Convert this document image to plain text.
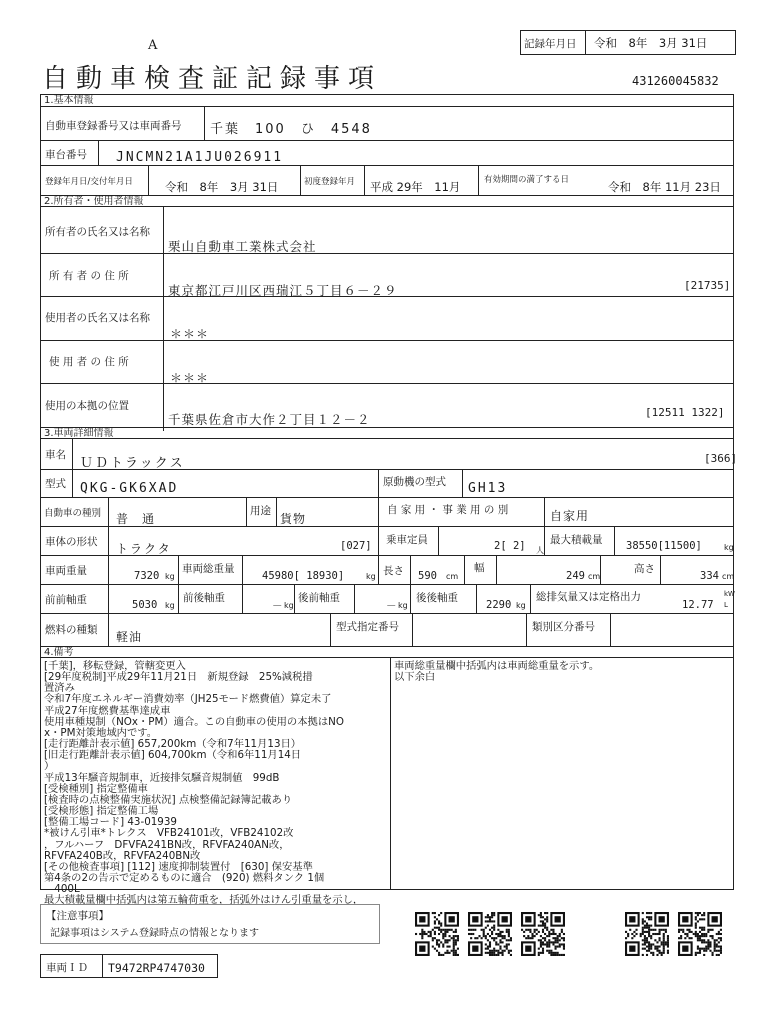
A
自動車検査証記録事項
記録年月日 令和　8年　3月 31日
431260045832
1.基本情報
自動車登録番号又は車両番号 千葉　100　ひ　4548
車台番号 JNCMN21A1JU026911
登録年月日/交付年月日	令和　8年　3月 31日	初度登録年月 平成 29年　11月	有効期間の満了する日	令和　8年 11月 23日
2.所有者・使用者情報
所有者の氏名又は名称
栗山自動車工業株式会社
所 有 者 の 住 所
東京都江戸川区西瑞江５丁目６－２９	[21735]
使用者の氏名又は名称
＊＊＊
使 用 者 の 住 所
＊＊＊
使用の本拠の位置
千葉県佐倉市大作２丁目１２－２	[12511 1322]
3.車両詳細情報
車名
ＵＤトラックス	[366]
型式 QKG-GK6XAD	原動機の型式 GH13
自動車の種別 普　通
用途
貨物
自 家 用 ・ 事 業 用 の 別	自家用
車体の形状 トラクタ	[027] 乗車定員	2[ 2] 人
最大積載量 38550[11500]	kg
車両重量	7320 kg
車両総重量
45980[ 18930]	kg 長さ 590 cm
幅
249 cm
高さ
334 cm
前前軸重	5030 kg
前後軸重
－ kg
後前軸重
－ kg
後後軸重
2290 kg
総排気量又は定格出力
12.77
kW
L
燃料の種類 軽油
型式指定番号	類別区分番号
4.備考
[千葉]，移転登録，管轄変更入
[29年度税制]平成29年11月21日　新規登録　25%減税措
置済み
令和7年度エネルギー消費効率（JH25モード燃費値）算定未了
平成27年度燃費基準達成車
使用車種規制（NOx・PM）適合。この自動車の使用の本拠はNO
x・PM対策地域内です。
[走行距離計表示値] 657,200km（令和7年11月13日）
[旧走行距離計表示値] 604,700km（令和6年11月14日
）
平成13年騒音規制車，近接排気騒音規制値　99dB
[受検種別] 指定整備車
[検査時の点検整備実施状況] 点検整備記録簿記載あり
[受検形態] 指定整備工場
[整備工場コード] 43-01939
*被けん引車*トレクス　VFB24101改，VFB24102改
，フルハーフ　DFVFA241BN改，RFVFA240AN改，
RFVFA240B改，RFVFA240BN改
[その他検査事項] [112] 速度抑制装置付　[630] 保安基準
第4条の2の告示で定めるものに適合　(920) 燃料タンク 1個
　400L
最大積載量欄中括弧内は第五輪荷重を，括弧外はけん引重量を示し，
車両総重量欄中括弧内は車両総重量を示す。
以下余白
【注意事項】
記録事項はシステム登録時点の情報となります
車両ＩＤ T9472RP4747030
